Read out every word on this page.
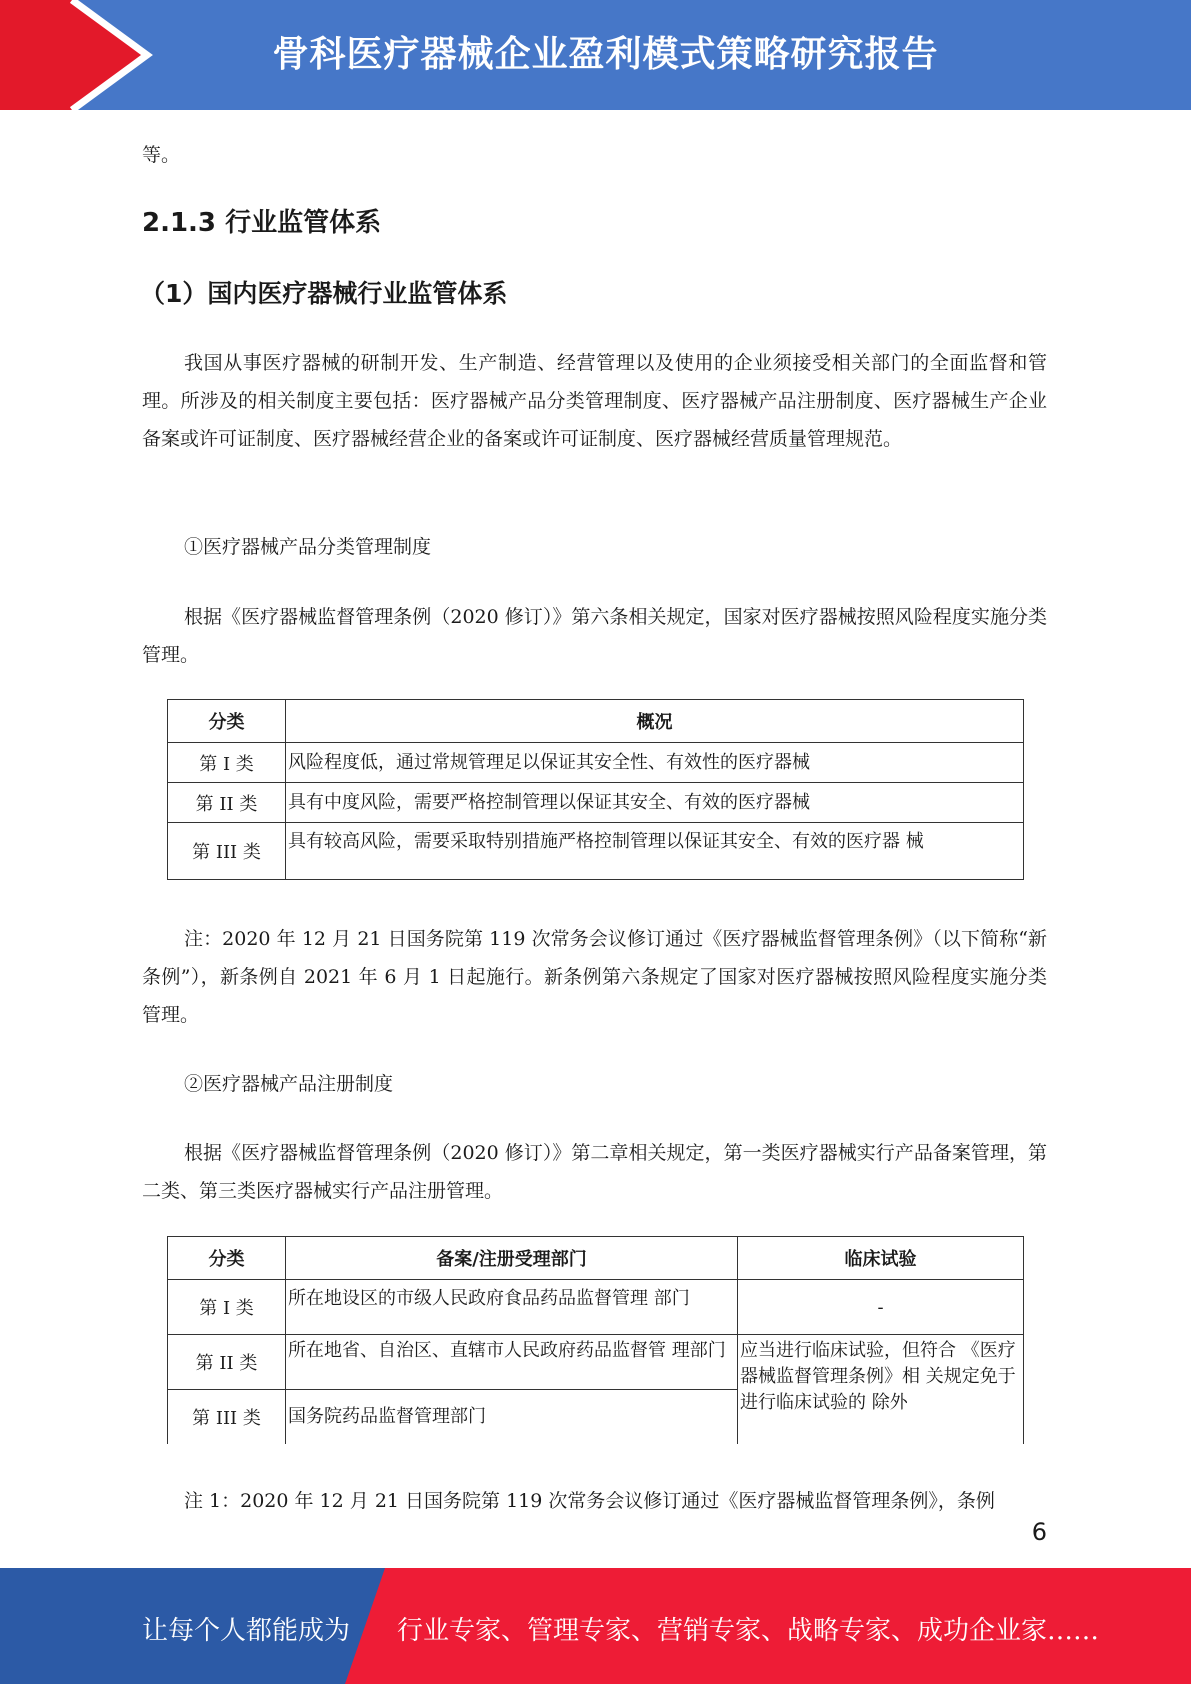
骨科医疗器械企业盈利模式策略研究报告
等。
2.1.3 行业监管体系
（1）国内医疗器械行业监管体系
我国从事医疗器械的研制开发、生产制造、经营管理以及使用的企业须接受相关部门的全面监督和管理。所涉及的相关制度主要包括：医疗器械产品分类管理制度、医疗器械产品注册制度、医疗器械生产企业备案或许可证制度、医疗器械经营企业的备案或许可证制度、医疗器械经营质量管理规范。
①医疗器械产品分类管理制度
根据《医疗器械监督管理条例（2020 修订）》第六条相关规定，国家对医疗器械按照风险程度实施分类管理。
分类	概况
第 I 类	风险程度低，通过常规管理足以保证其安全性、有效性的医疗器械
第 II 类	具有中度风险，需要严格控制管理以保证其安全、有效的医疗器械
第 III 类	具有较高风险，需要采取特别措施严格控制管理以保证其安全、有效的医疗器 械
注：2020 年 12 月 21 日国务院第 119 次常务会议修订通过《医疗器械监督管理条例》（以下简称“新条例”），新条例自 2021 年 6 月 1 日起施行。新条例第六条规定了国家对医疗器械按照风险程度实施分类管理。
②医疗器械产品注册制度
根据《医疗器械监督管理条例（2020 修订）》第二章相关规定，第一类医疗器械实行产品备案管理，第二类、第三类医疗器械实行产品注册管理。
分类	备案/注册受理部门	临床试验
第 I 类	所在地设区的市级人民政府食品药品监督管理 部门	-
第 II 类	所在地省、自治区、直辖市人民政府药品监督管 理部门	应当进行临床试验，但符合 《医疗器械监督管理条例》相 关规定免于进行临床试验的 除外
第 III 类	国务院药品监督管理部门	
注 1：2020 年 12 月 21 日国务院第 119 次常务会议修订通过《医疗器械监督管理条例》，条例
6
让每个人都能成为 行业专家、管理专家、营销专家、战略专家、成功企业家……
